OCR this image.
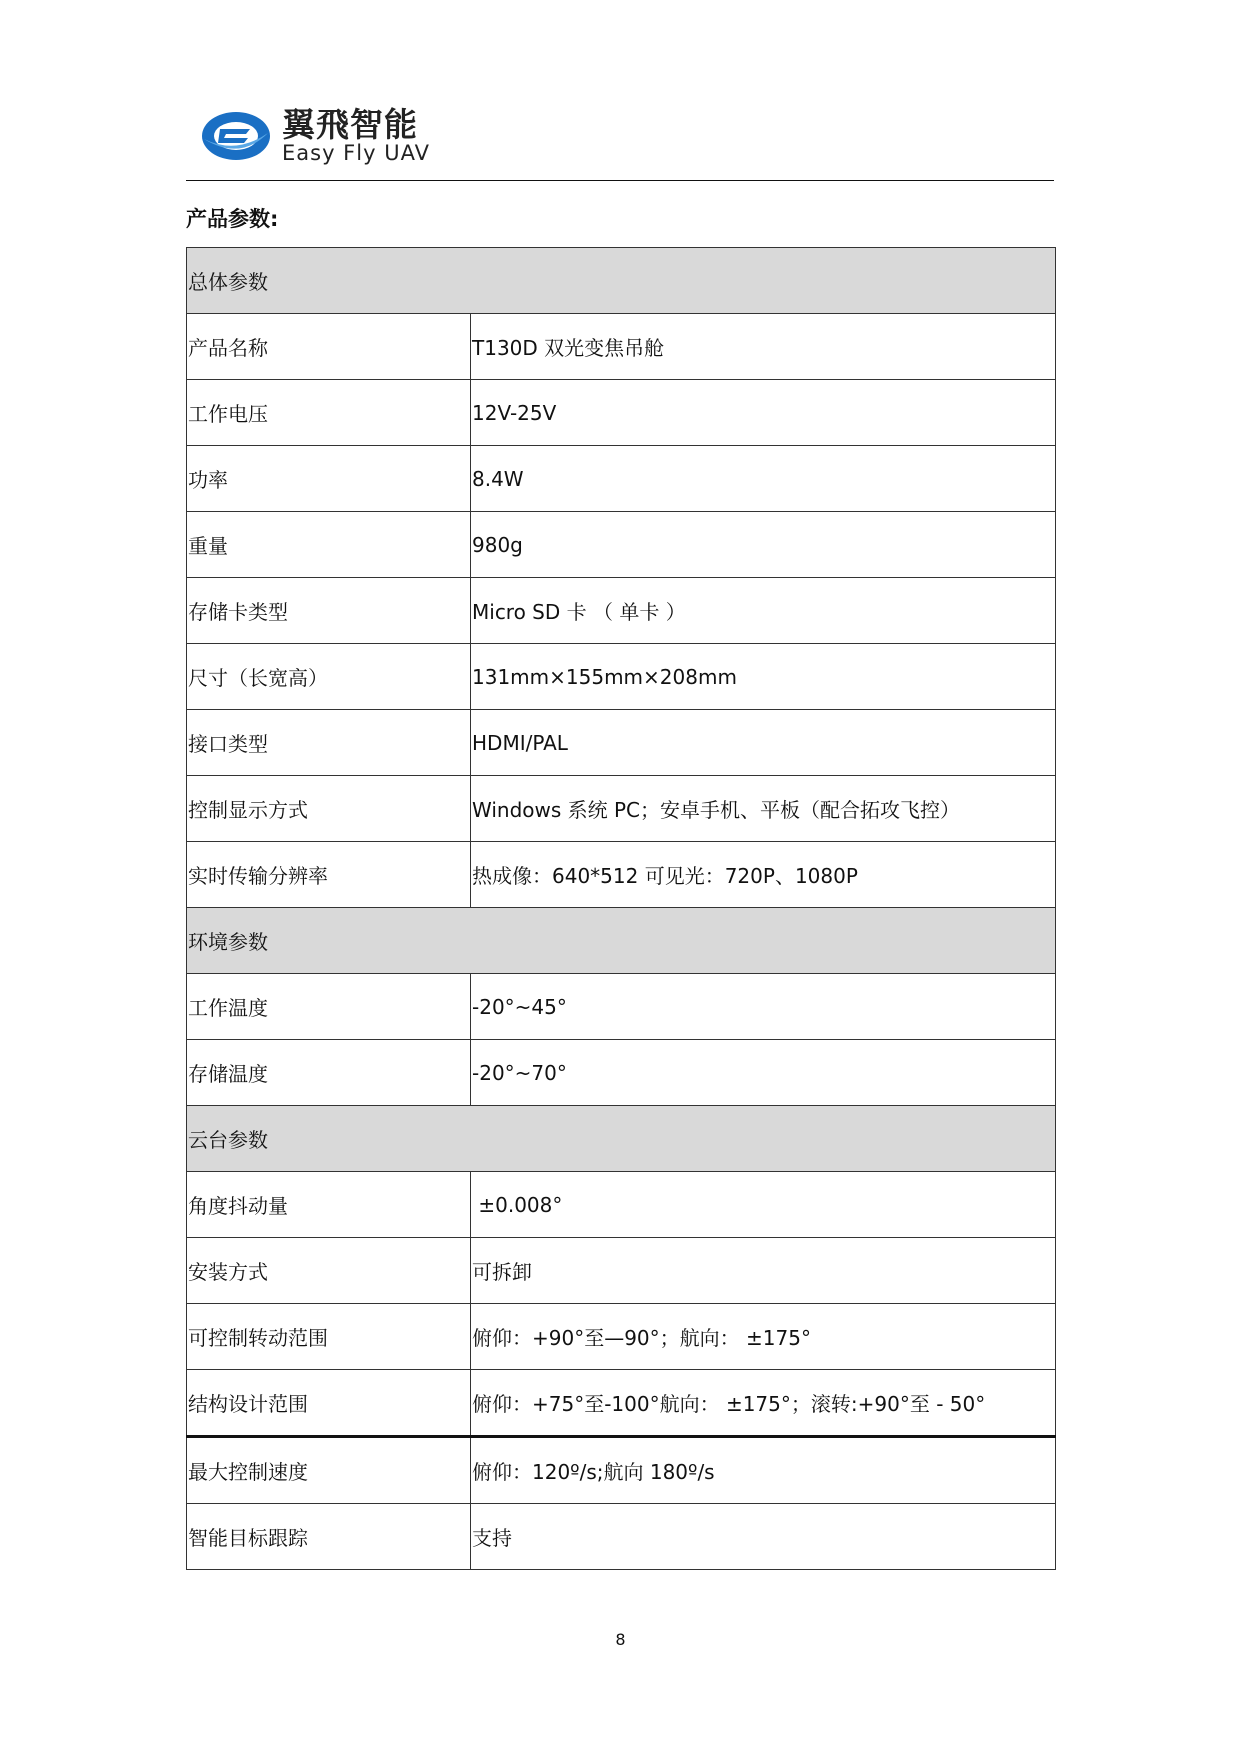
翼飛智能
Easy Fly UAV
产品参数:
总体参数	
产品名称	T130D 双光变焦吊舱
工作电压	12V-25V
功率	8.4W
重量	980g
存储卡类型	Micro SD 卡 （ 单卡 ）
尺寸（长宽高）	131mm×155mm×208mm
接口类型	HDMI/PAL
控制显示方式	Windows 系统 PC；安卓手机、平板（配合拓攻飞控）
实时传输分辨率	热成像：640*512 可见光：720P、1080P
环境参数	
工作温度	-20°~45°
存储温度	-20°~70°
云台参数	
角度抖动量	±0.008°
安装方式	可拆卸
可控制转动范围	俯仰：+90°至—90°；航向： ±175°
结构设计范围	俯仰：+75°至-100°航向： ±175°；滚转:+90°至 - 50°
最大控制速度	俯仰：120º/s;航向 180º/s
智能目标跟踪	支持
8
